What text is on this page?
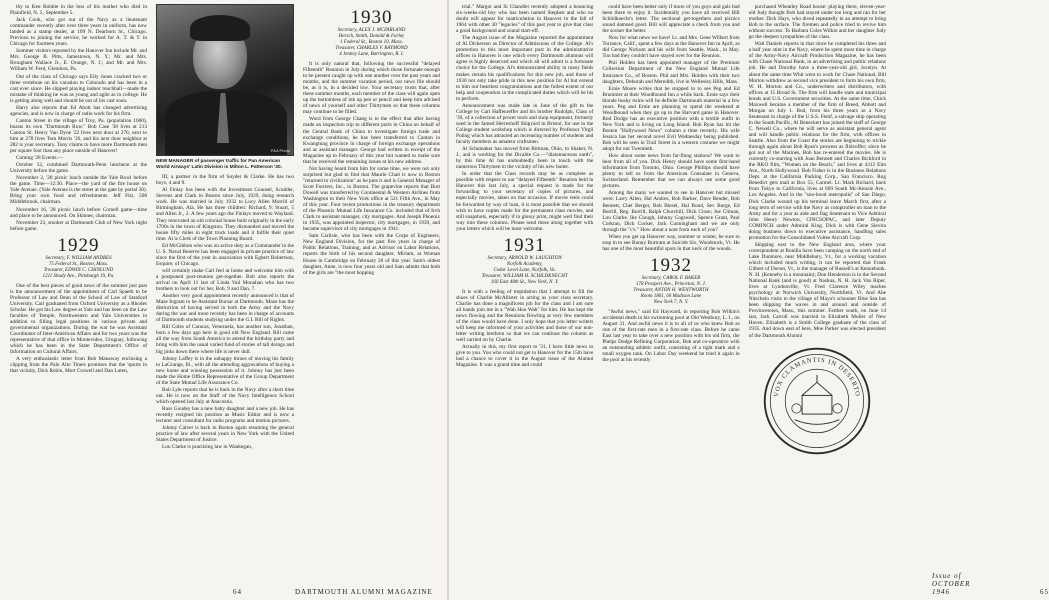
thy to Ken Robbie in the loss of his mother who died in Plainfield, N. J., September 5.

Jack Cook, who got out of the Navy as a lieutenant commander recently after over three years in uniform, has now landed as a stamp dealer, at 109 N. Dearborn St., Chicago. Previous to joining the service, he worked for A. T. & T. in Chicago for fourteen years.

Summer visitors reported by the Hanover Inn include Mr. and Mrs. George B. Pitts, Jamestown, N. Y.; Mr. and Mrs. Brougham Wallace Jr., E. Orange, N. J.; and Mr. and Mrs. William W. Ferd, Glendora, Pa.

Out of the class of Chicago says Elly Jones cracked two or three vertebrae on his vacation to Colorado and has been in a cast ever since. He slipped playing indoor touchball—made the mistake of thinking he was as young and agile as in college. He is getting along well and should be out of his cast soon.

Harry also reports that Ed Abott has changed advertising agencies, and is now in charge of radio work for his firm.

Canton Street in the village of Troy, Pa. (population 1600), boasts its own "Dartmouth Row." Bob Case '38 lives at 213 Canton St. Henry Van Dyne '22 lives next door at 276; next to him at 278 lives Tom Morris '26, and his next door neighbor at 282 is your secretary. Tony claims to have more Dartmouth men per square foot than any place outside of Hanover!

Coming '28 Events:—

October 12, combined Dartmouth-Penn luncheon at the University before the game.

November 2, '28 picnic lunch outside the Yale Bowl before the game. Time—12:30. Place—the yard of the fire house on Yale Avenue. (Yale Avenue is the street at the gate by portal 30). Bring your own food and refreshments. Jeff Fitz, 508 Middlebrook, chairman.

November 16, '28 picnic lunch before Cornell game—time and place to be announced. On Skinner, chairman.

November 23, smoker at Dartmouth Club of New York night before game.

1929
Secretary, F. WILLIAM ANDRES
75 Federal St., Boston, Mass.
Treasurer, EDWIN C. CHINLUND
1211 Shady Ave., Pittsburgh 19, Pa.

One of the best pieces of good news of the summer just past is the announcement of the appointment of Carl Spaeth to be Professor of Law and Dean of the School of Law of Stanford University. Carl graduated from Oxford University as a Rhodes Scholar. He got his Law degree at Yale and has been on the Law faculties of Temple, Northwestern and Yale Universities in addition to filling legal positions in various private and governmental organizations. During the war he was Assistant Coordinator of Inter-American Affairs and for two years was the representative of that office in Montevideo, Uruguay, following which he has been in the State Department's Office of Information on Cultural Affairs.

A very enthusiastic letter from Bob Manaway enclosing a clipping from the Palo Alto Times promises that the 'sports in that vicinity, Dick Robin, Mort Crowell and Dan Luten,

P&A Photo
NEW MANAGER of passenger traffic for Pan American World Airways' Latin Division is Milton L. Patterson '30.

III, a partner in the firm of Snyder & Clarke. He has two boys, 4 and 9.

Al Finlay has been with the Investment Counsel, Scudder, Stevens and Clark in Boston since July, 1929, doing research work. He was married in July 1932 to Lucy Allen Morrill of Birmingham, Ala. He has three children: Richard, 9; Stuart, 5 and Allen Jr., 2. A few years ago the Finlays moved to Wayland. They renovated an old colonial house built originally in the early 1700s in the town of Kingston. They dismantled and moved the house fifty miles in eight truck loads and it fulfils their quiet time. Al is Clerk of the Town Planning Board.

Ed McGibbon who was on active duty as a Commander in the U. S. Naval Reserve has been engaged in private practice of law since the first of the year in association with Egbert Robertson, Esquire, of Chicago.

will certainly make Carl feel at home and welcome him with a postponed post-reunion get-together. Bob also reports the arrival on April 11 last of Linda Vail Monahan who has two brothers to look out for her, Bob, 9 and Dan, 7.

Another very good appointment recently announced is that of Maze Ingram to be Assistant Bursar at Dartmouth. Maze has the distinction of having served in both the Army and the Navy during the war and more recently has been in charge of accounts of Dartmouth students studying under the G.I. Bill of Rights.

Bill Coles of Caracas, Venezuela, has another son, Jonathan, born a few days ago here in good old New England. Bill came all the way from South America to attend the birthday party and bring with him the usual varied fund of stories of tall doings and big jinks down there where life is never dull.

Johnny Laffey is in the unhappy throes of moving his family to LaGrange, Ill., with all the attending aggravations of buying a new home and winning possession of it. Johnny has just been made the Home Office Representative of the Group Department of the State Mutual Life Assurance Co.

Bob Lyle reports that he is back in the Navy after a short time out. He is now on the Staff of the Navy Intelligence School which opened last July at Anacostia.

Russ Goudey has a new baby daughter and a new job. He has recently resigned his position as Music Editor and is now a lecturer and consultant for radio programs and motion pictures.

Johnny Calver is back in Boston again resuming the general practice of law after several years in New York with the United States Department of Justice.

Lou Clarke is practising law in Waukegan,

1930
Secretary, ALEX J. MCFARLAND
Hersch, Smith, Donald & Farley
1 Federal St., Boston 10, Mass.
Treasurer, CHARLES V. RAYMOND
4 Jenney Lane, Barrington, R. I.

It is only natural that, following the successful "delayed Fifteenth" Reunion in July during which those fortunate enough to be present caught up with one another over the past years and months, and the summer vacation period, our news file should be, as it is, in a decided low. Your secretary trusts that, after these summer months, each member of the class will again open up the bottomless of ink up pen or pencil and keep him advised of news of yourself and other Thirtymen so that these columns may continue to be filled.

Word from George Chang is to the effect that after having made an inspection trip to different ports in China on behalf of the Central Bank of China to investigate foreign trade and exchange conditions, he has been transferred to Canton in Kwangtung province in charge of foreign exchange operations and as assistant manager. George had written in receipt of the Magazine up to February of this year but wanted to make sure that he received the remaining issues at his new address.

Not having heard from him for some time, we were not only surprised but glad to find that Maurie Chait is now in Boston "returned to civilization" as he puts it and is General Manager of Scott Furriers, Inc., in Boston. The grapevine reports that Burt Dowell was transferred by Continental & Western Airlines from Washington to their New York office at 521 Fifth Ave., in May of this year. Four recent promotions in the treasury department of the Phoenix Mutual Life Insurance Co. included that of Irvh Clark to assistant manager, city mortgages. And Joseph Phoenix in 1935, was appointed inspector, city mortgages, in 1939, and became supervisor of city mortgages in 1941.

Sam Carlisle, who has been with the Corps of Engineers, New England Division, for the past five years in charge of Public Relations, Training, and as Advisor on Labor Relations, reports the birth of his second daughter, Miriam, at Woman House in Cambridge on February 26 of this year. Sam's oldest daughter, Anne, is now four years old and Sam admits that both of the girls are "the most hopping

64	DARTMOUTH ALUMNI MAGAZINE

trial." Margot and Si Chandler recently adopted a bouncing six-weeks-old boy who has been named Stephen and who no doubt will appear for matriculation in Hanover in the fall of 1964 with other 30 "legacies" of this past year to give that class a good background and sound start-off.

The August issue of the Magazine reported the appointment of Al Dickerson as Director of Admissions of the College. Al's promotion to this most important post in the administrative offices in Hanover is one which every Dartmouth alumnus will agree is highly deserved and which all will admit is a fortunate choice for the College. Al's demonstrated ability in many fields makes certain his qualifications for this new job, and those of 1930 not only take pride in this new position for Al but extend to him our heartiest congratulations and the fullest extent of our help and cooperation in the complicated duties which will be his to perform.

Announcement was made late in June of the gift to the College by Carl Haffenreffer and his brother Rudolph, Class of '39, of a collection of power tools and shop equipment, formerly used in the famed Herreshoff Shipyard in Bristol, for use in the College student workshop which is directed by Professor Virgil Poling which has attracted an increasing number of students and faculty members as amateur craftsmen.

Al Schumaker has moved from Rittman, Ohio, to Shaker, N. J., and is working for the Dicalite Co.—"diatomaceous earth", by this time Al has undoubtedly been in touch with the numerous Thirtymen in the vicinity of his new home.

In order that the Class records may be as complete as possible with respect to our "delayed Fifteenth" Reunion held in Hanover this last July, a special request is made for the forwarding to your secretary of copies of pictures, and especially movies, taken on that occasion. If movie reels could be forwarded by way of loan, it is most possible that we should wish to have copies made for the permanent class movies, and still snapshots, especially if in glossy print, might well find their way into these columns. Please send these along together with your letters which will be most welcome.

1931
Secretary, ARNOLD W. LAUGHTON
Norfolk Academy,
Cedar Level Lane, Norfolk, Va.
Treasurer, WILLIAM H. SCHILDKNECHT
160 East 48th St., New York, N. Y.

It is with a feeling of trepidation that I attempt to fill the shoes of Charlie McAllister in acting as your class secretary. Charlie has done a magnificent job for the class and I am sure all hands join me in a "Wah Hoo Wah" for him. He has kept the news flowing and the Reunions Bowling at very few members of the class would have done. I only hope that you letter writers will keep me informed of your activities and those of our non-letter writing brethren so that we can continue the column as well carried on by Charlie.

Actually in this, my first report to '31, I have little news to give to you. You who could not get to Hanover for the 15th have had a chance to cover it in the August issue of the Alumni Magazine. It was a grand time and could

could have been better only if more of you guys and gals had been there to enjoy it. Incidentally you have all received Bill Schildknecht's letter. The sectional get-togethers and picnics sound damned good. Bill will appreciate a check from you and the sooner the better.

Now for what news we have! Lt. and Mrs. Gene Wilbert from Torrance, Calif., spent a few days at the Hanover Inn in April, as did George Nickum and his wife from Seattle, Wash., in May. Too bad they couldn't have stayed over for the Reunion.

Phil Holden has been appointed manager of the Premium Collection Department of the New England Mutual Life Insurance Co., of Boston. Phil and Mrs. Holden with their two daughters, Deborah and Meredith, live in Wellesley Hills, Mass.

Ernie Moore writes that he stopped in to see Peg and Ed Brummer at their Woodbound Inn a while back. Ernie says their blonde husky twins will be definite Dartmouth material in a few years. Peg and Ernie are planning to spend the weekend at Woodbound when they go up to the Harvard game in Hanover. Rod Dodge has an executive position with a textile outfit in New York and is living on Long Island. Bob Ryan has hit the Boston "Hollywood News" column a time recently. His wife Jessica has her second novel Evil Wednesday being published. Bob will be seen in Trail Street in a western costume we might adopt for our Twentieth.

How about some news from far-flung stations? We want to hear from all of you. Dick Henry should have some first-hand information from Toronto, Ohio. George Phillips should have plenty to tell us from the American Consulate in Geneva, Switzerland. Remember that we can always use some good pictures.

Among the many we wanted to see in Hanover but missed were: Larry Allen, Hal Andres, Bob Barker, Dave Bender, Bob Bennett, Chet Berger, Bob Biesel, Hal Bond, Sev Burge, Ed Burrill, Reg. Burrill, Ralph Churchill, Dick Close; Joe Climan, Lou Clarke, Ike Clough, Johnny Cogswell, Spence Grant, Paul Corkran, Dick Cocker, Jack Cunningham and we are only through the "c's." How about a note from each of you?

When you get up Hanover way, summer or winter, be sure to stop in to see Bunny Burtram at Suicide Six, Woodstock, Vt. He has one of the most beautiful spots in that neck of the woods.

1932
Secretary, CAROL F. BAKER
178 Prospect Ave., Princeton, N. J.
Treasurer, ANTON H. WENTWORTH
Room 1801, 60 Madison Lane
New York 7, N. Y.

"Awful news," said Ed Hayward, in reporting Bob Wilkin's accidental death in his swimming pool at Old Westbury, L. I., on August 31. And awful news it is to all of us who knew Bob as one of the first-rate men in a first-rate class. Before he came East last year to take over a new position with his old firm, the Phelps Dodge Refining Corporation, Bob and co-operative with an outstanding athletic outfit, consisting of a tight mark and a small oxygen tank. On Labor Day weekend he tried it again in the pool at his recently

purchased Wheatley Road house: playing there, eleven-year-old Judy thought Bob had stayed under too long and ran for her mother. Dick Hays, who dived repeatedly in an attempt to bring Bob to the surface. The firemen and police tried to revive him without success. To Barbara Coles Wilkin and her daughter Judy go the deepest sympathies of the class.

Walt Daniels reports in that since he completed his three and a half year stint in the Navy, where he spent most time in charge of the Army-Navy Aircraft Production Magazine, he has been with Chase National Bank, in an advertising and public relations job. He and Dorothy have a three-year-old girl, Jocelyn. At about the same time Whit went to work for Chase National, Bill Morton withdrew as second vice president to form his own firm, W. H. Morton and Co., underwriters and distributors, with offices at 15 Broad St. The firm will handle state and municipal bonds and U.S. Government securities. At the same time, Chick Maxwell became a member of the firm of Breed, Abbott and Morgan on July 1. Bud, from his three years as a Navy lieutenant in charge of the U.S.S. Femf, a salvage ship operating in the South Pacific, Al Beneckert has joined the staff of George C. Newell Co., where he will serve as assistant general agent and will handle public relations for the firm, with offices in Seattle. Also from the Coast the stories are beginning to trickle through again about Bob Ryan's prowess as flidcoffer; since he got out of the Marines, Bob has re-entered the movies. He is currently co-starring with Joan Bennett and Charles Bickford in the RKO film, "Women on the Beach," and lives at 4312 Elm Ave., North Hollywood. Bob Fisher is in the Business Relations Dept. at the California Packing Corp., San Francisco. Rog Benedict gets mail at Box 55, Carmel. Lt. Mark Richard, back from Tokyo to California, lives at 609 South Mc-Kenzie Ave., Los Angeles. And in the "son-hood metropolis" of San Diego, Dick Clarke wound up his terminal leave March first, after a long term of service with the Navy as comptroller on loan to the Army and for a year as aide and flag lieutenant to Vice Admiral John Henry Newton, CINCSOPAC, and later Deputy COMINCH under Admiral King. Dick is with Gene Sievira doing business down to executive assistance, handling sales promotion for the Consolidated Vultee Aircraft Corp.

Skipping east to the New England area, where your correspondent at Bonilla have been camping on the north end of Lake Dunmore, near Middlebury, Vt., for a working vacation which included much writing, it can be reported that Frank Gilbert of Dorset, Vt., is the manager of Russell's at Kennebunk. N. H. (Kenneby is a mountain); Don Henderson is in the Second National Bank (and is good) at Nashua, N. H. Jack Van Riper, lives at Lyndonville, Vt. Fred Clarence Wiley teaches psychology at Norwich University, Northfield, Vt. And Abe Nitschein visits to the village of Mayo's schooner Blue Sea has been shipping the waves in and around and outside of Provincetown, Mass., this summer. Farther south, on June 14 last, Jack Carroll was married to Elizabeth Muller of New Haven. Elizabeth is a Smith College graduate of the class of 1935. And down east of here, Moe Parker was elected president of the Dartmouth Alumni

VOX CLAMANTIS IN DESERTO
Issue of OCTOBER 1946	65
